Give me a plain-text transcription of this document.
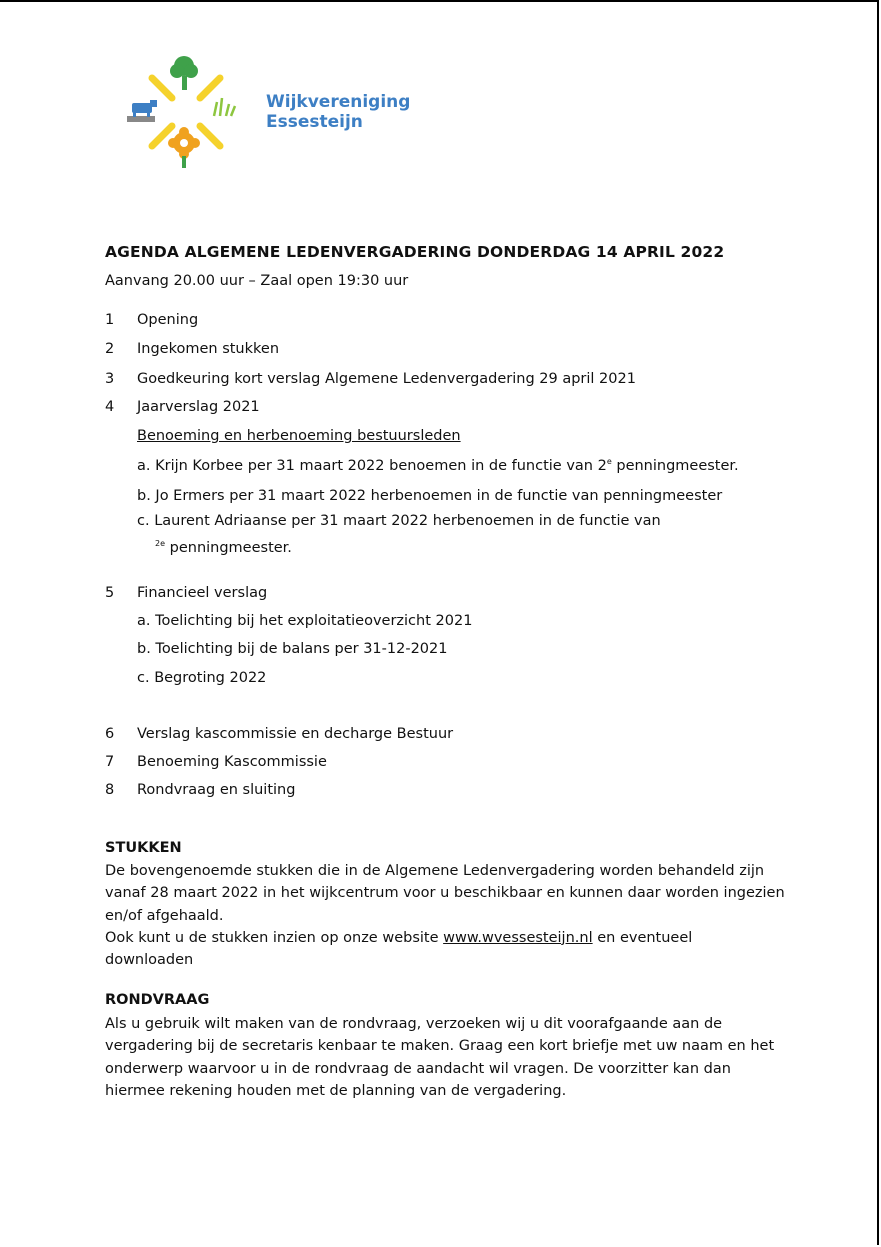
Wijkvereniging
Essesteijn
AGENDA ALGEMENE LEDENVERGADERING DONDERDAG 14 APRIL 2022
Aanvang 20.00 uur – Zaal open 19:30 uur
1 Opening
2 Ingekomen stukken
3 Goedkeuring kort verslag Algemene Ledenvergadering 29 april 2021
4 Jaarverslag 2021
Benoeming en herbenoeming bestuursleden
a. Krijn Korbee per 31 maart 2022 benoemen in de functie van 2e penningmeester.
b. Jo Ermers per 31 maart 2022 herbenoemen in de functie van penningmeester
c. Laurent Adriaanse per 31 maart 2022 herbenoemen in de functie van
$^{2e}$ penningmeester.
5 Financieel verslag
a. Toelichting bij het exploitatieoverzicht 2021
b. Toelichting bij de balans per 31-12-2021
c. Begroting 2022
6 Verslag kascommissie en decharge Bestuur
7 Benoeming Kascommissie
8 Rondvraag en sluiting
STUKKEN
De bovengenoemde stukken die in de Algemene Ledenvergadering worden behandeld zijn vanaf 28 maart 2022 in het wijkcentrum voor u beschikbaar en kunnen daar worden ingezien en/of afgehaald.
Ook kunt u de stukken inzien op onze website www.wvessesteijn.nl en eventueel downloaden
RONDVRAAG
Als u gebruik wilt maken van de rondvraag, verzoeken wij u dit voorafgaande aan de vergadering bij de secretaris kenbaar te maken. Graag een kort briefje met uw naam en het onderwerp waarvoor u in de rondvraag de aandacht wil vragen. De voorzitter kan dan hiermee rekening houden met de planning van de vergadering.
